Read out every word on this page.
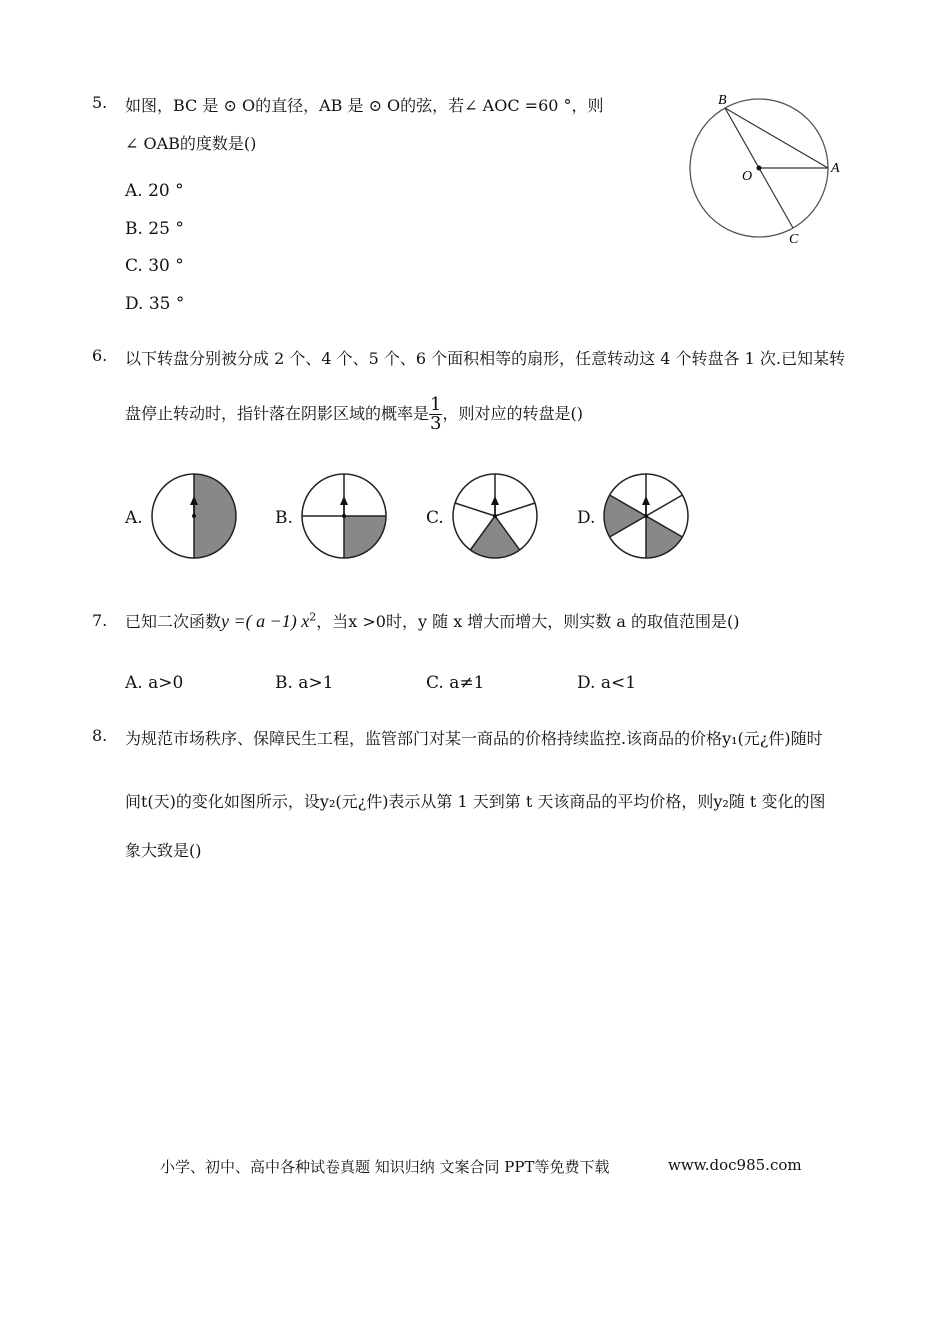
5. 如图，BC 是 ⊙ O的直径，AB 是 ⊙ O的弦，若∠ AOC =60 °，则
∠ OAB的度数是()
A. 20 °
B. 25 °
C. 30 °
D. 35 °
B
A
O
C
6. 以下转盘分别被分成 2 个、4 个、5 个、6 个面积相等的扇形，任意转动这 4 个转盘各 1 次.已知某转
盘停止转动时，指针落在阴影区域的概率是 $\frac{1}{3}$ ，则对应的转盘是()
A.	B.	C.	D.
7. 已知二次函数y =( a −1) $x^2$，当x >0时，y 随 x 增大而增大，则实数 a 的取值范围是()
A. a>0	B. a>1	C. a≠1	D. a<1
8. 为规范市场秩序、保障民生工程，监管部门对某一商品的价格持续监控.该商品的价格y₁(元¿件)随时
间t(天)的变化如图所示，设y₂(元¿件)表示从第 1 天到第 t 天该商品的平均价格，则y₂随 t 变化的图
象大致是()
小学、初中、高中各种试卷真题 知识归纳 文案合同 PPT等免费下载	www.doc985.com
